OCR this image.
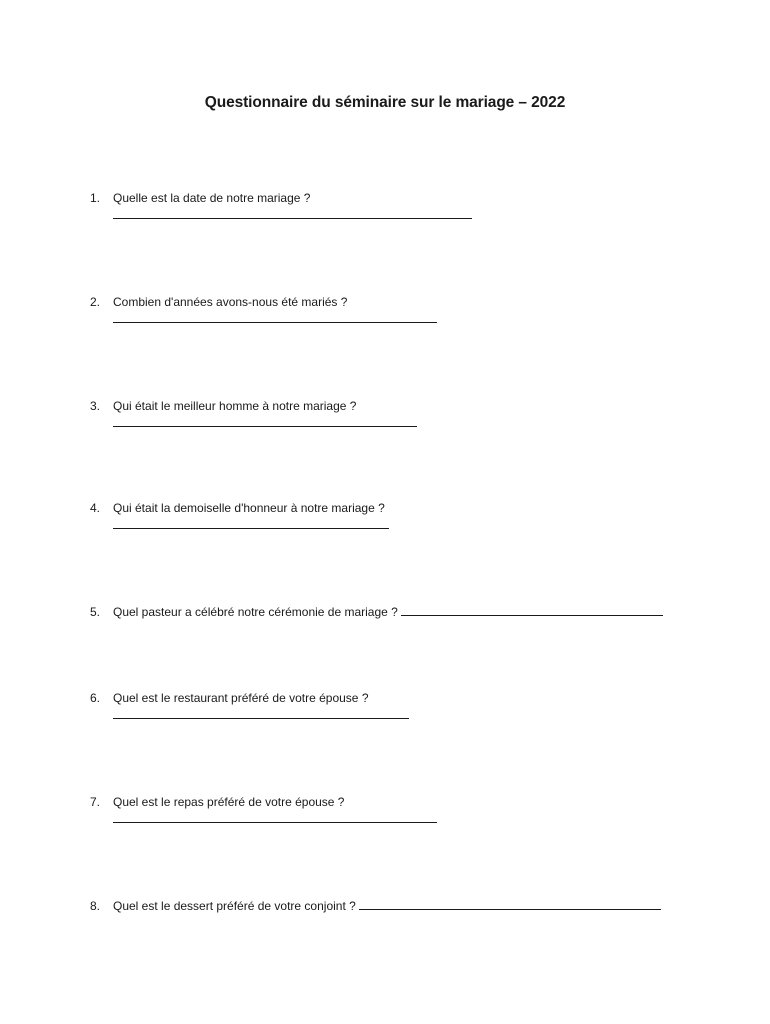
Questionnaire du séminaire sur le mariage – 2022
1. Quelle est la date de notre mariage ?
2. Combien d'années avons-nous été mariés ?
3. Qui était le meilleur homme à notre mariage ?
4. Qui était la demoiselle d'honneur à notre mariage ?
5. Quel pasteur a célébré notre cérémonie de mariage ?
6. Quel est le restaurant préféré de votre épouse ?
7. Quel est le repas préféré de votre épouse ?
8. Quel est le dessert préféré de votre conjoint ?
